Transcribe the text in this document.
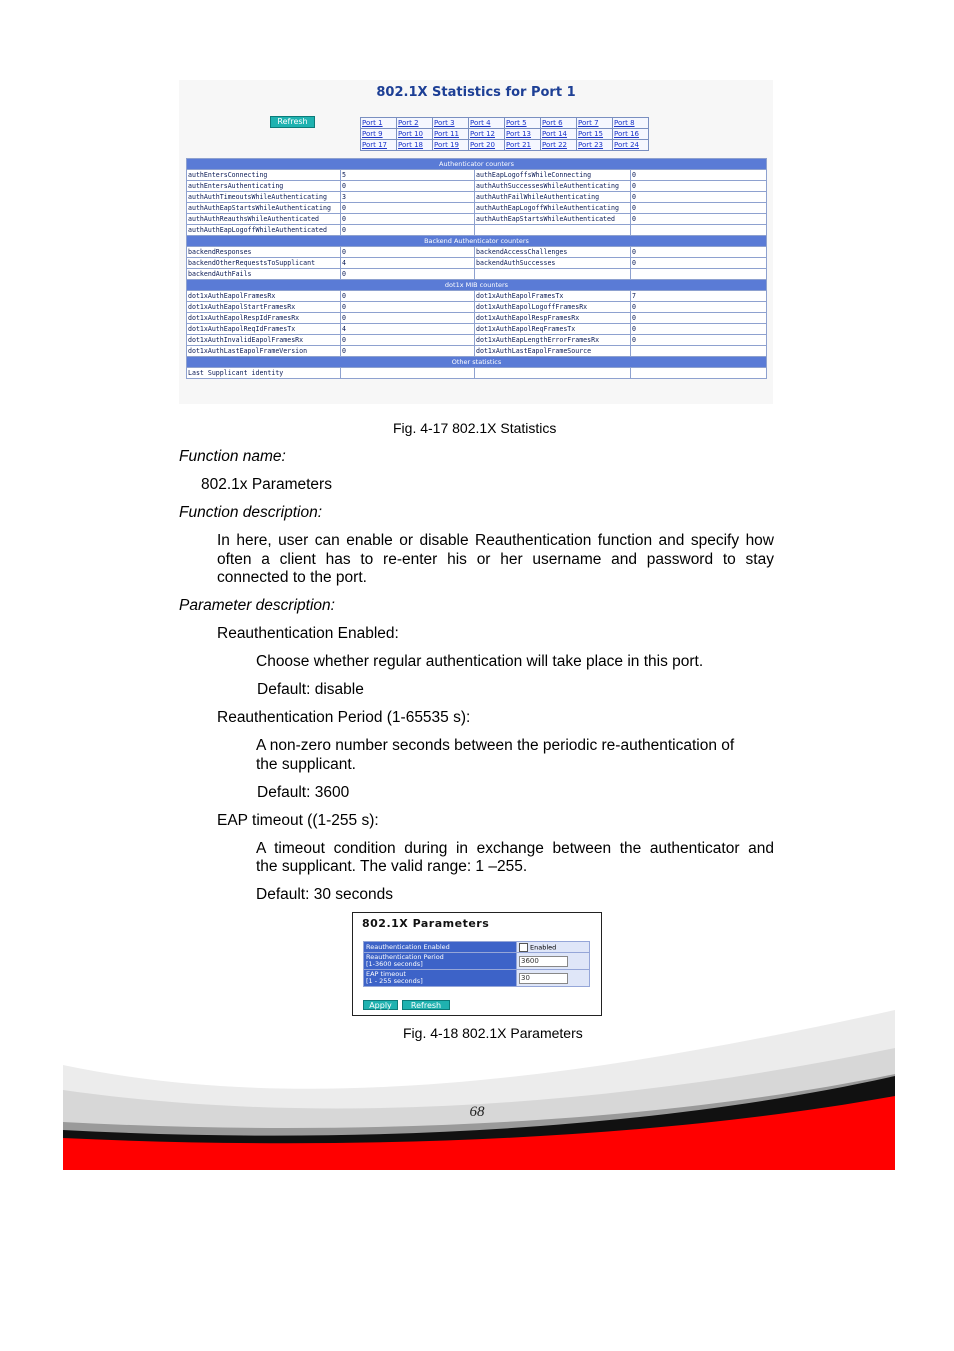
802.1X Statistics for Port 1
Refresh	Port 1	Port 2	Port 3	Port 4	Port 5	Port 6	Port 7	Port 8
Port 9	Port 10	Port 11	Port 12	Port 13	Port 14	Port 15	Port 16
Port 17	Port 18	Port 19	Port 20	Port 21	Port 22	Port 23	Port 24
Authenticator counters			
authEntersConnecting	5	authEapLogoffsWhileConnecting	0
authEntersAuthenticating	0	authAuthSuccessesWhileAuthenticating	0
authAuthTimeoutsWhileAuthenticating	3	authAuthFailWhileAuthenticating	0
authAuthEapStartsWhileAuthenticating	0	authAuthEapLogoffWhileAuthenticating	0
authAuthReauthsWhileAuthenticated	0	authAuthEapStartsWhileAuthenticated	0
authAuthEapLogoffWhileAuthenticated	0		
Backend Authenticator counters			
backendResponses	0	backendAccessChallenges	0
backendOtherRequestsToSupplicant	4	backendAuthSuccesses	0
backendAuthFails	0		
dot1x MIB counters			
dot1xAuthEapolFramesRx	0	dot1xAuthEapolFramesTx	7
dot1xAuthEapolStartFramesRx	0	dot1xAuthEapolLogoffFramesRx	0
dot1xAuthEapolRespIdFramesRx	0	dot1xAuthEapolRespFramesRx	0
dot1xAuthEapolReqIdFramesTx	4	dot1xAuthEapolReqFramesTx	0
dot1xAuthInvalidEapolFramesRx	0	dot1xAuthEapLengthErrorFramesRx	0
dot1xAuthLastEapolFrameVersion	0	dot1xAuthLastEapolFrameSource	
Other statistics			
Last Supplicant identity			
Fig. 4-17 802.1X Statistics
Function name:
802.1x Parameters
Function description:
In here, user can enable or disable Reauthentication function and specify how
often a client has to re-enter his or her username and password to stay
connected to the port.
Parameter description:
Reauthentication Enabled:
Choose whether regular authentication will take place in this port.
Default: disable
Reauthentication Period (1-65535 s):
A non-zero number seconds between the periodic re-authentication of
the supplicant.
Default: 3600
EAP timeout ((1-255 s):
A timeout condition during in exchange between the authenticator and
the supplicant. The valid range: 1 –255.
Default: 30 seconds
802.1X Parameters
Reauthentication Enabled	Enabled

Reauthentication Period
[1-3600 seconds]	3600

EAP timeout
[1 - 255 seconds]	30
Apply	Refresh
Fig. 4-18 802.1X Parameters
68
